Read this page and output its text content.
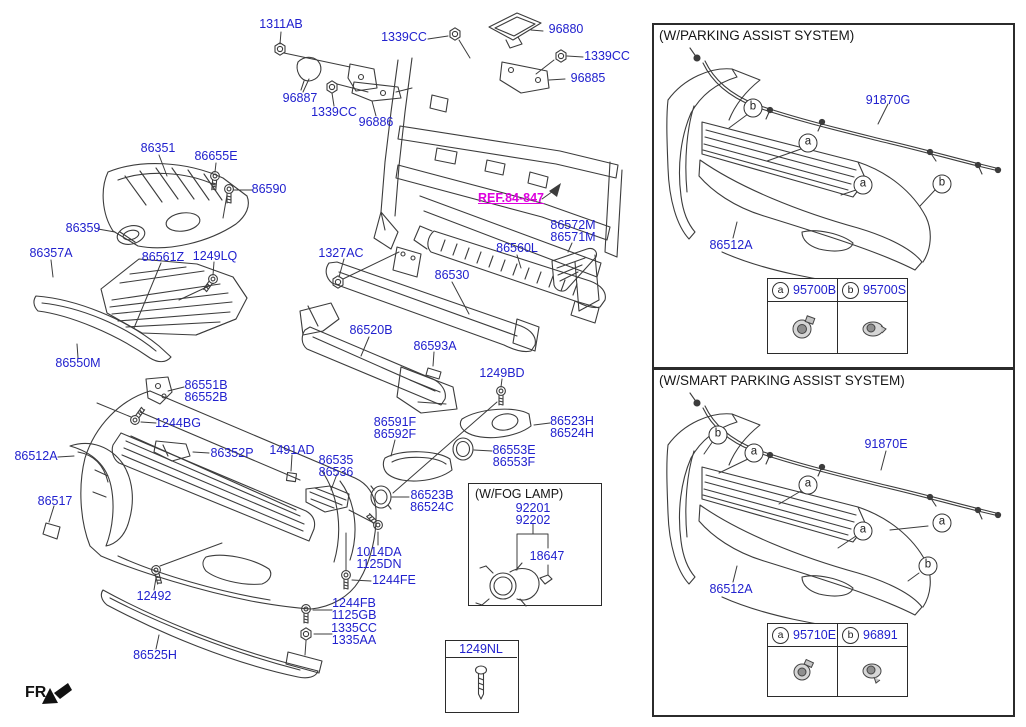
(W/PARKING ASSIST SYSTEM)
(W/SMART PARKING ASSIST SYSTEM)
(W/FOG LAMP)
a 95700B	b 95700S
a 95710E	b 96891
FR.
1311AB
1339CC
96880
1339CC
96885
96887
1339CC
96886
86351
86655E
86590
86359
86357A	86561Z 1249LQ
86550M
REF.84-847
86572M
86571M
86560L
1327AC
86530
86520B
86593A
1249BD
86551B
86552B
1244BG
86512A	86352P 1491AD
86535
86536
86517
86591F
86592F
86523H
86524H
86553E
86553F
86523B
86524C
1014DA
1125DN
1244FE
12492	1244FB
1125GB
1335CC
1335AA
86525H
91870G
86512A
91870E
86512A
92201
92202
18647
1249NL
b
a
a	b
b
a
a
a
a
b
